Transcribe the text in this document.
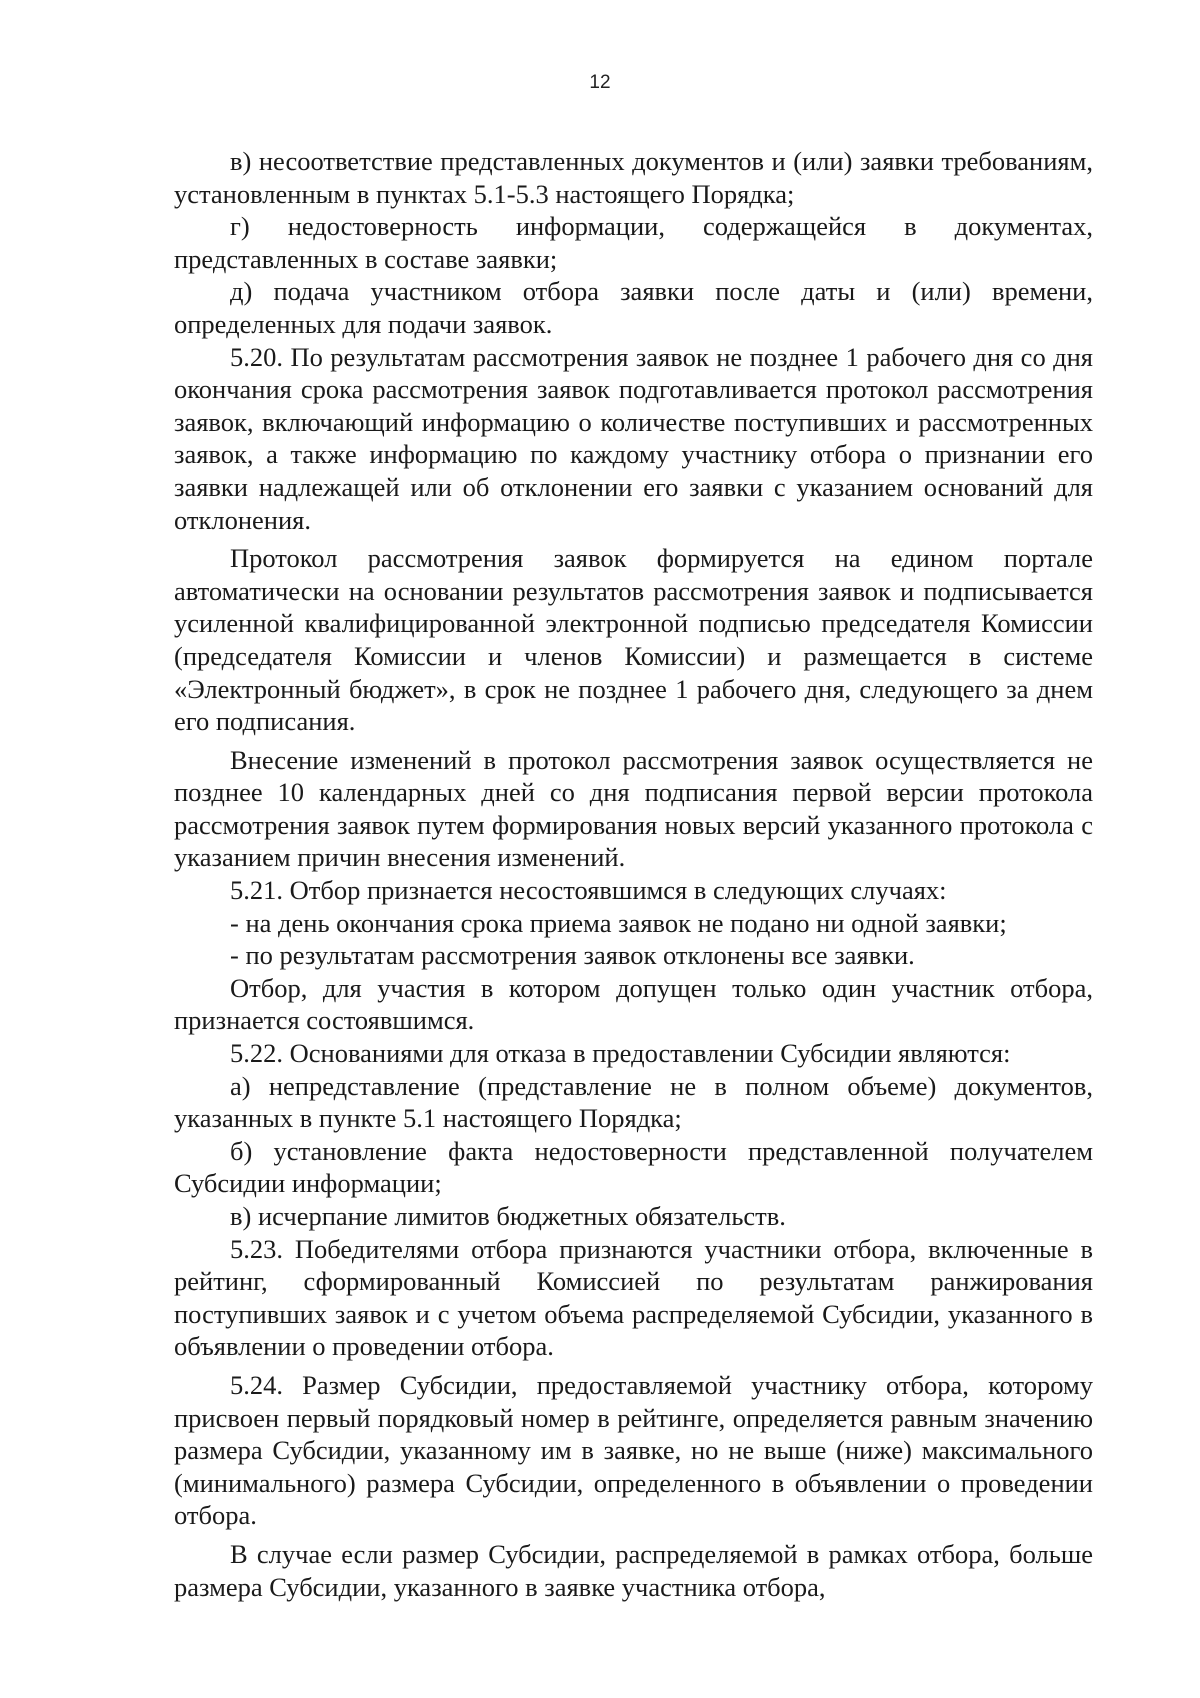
12

в) несоответствие представленных документов и (или) заявки требованиям, установленным в пунктах 5.1-5.3 настоящего Порядка;

г) недостоверность информации, содержащейся в документах, представленных в составе заявки;

д) подача участником отбора заявки после даты и (или) времени, определенных для подачи заявок.

5.20. По результатам рассмотрения заявок не позднее 1 рабочего дня со дня окончания срока рассмотрения заявок подготавливается протокол рассмотрения заявок, включающий информацию о количестве поступивших и рассмотренных заявок, а также информацию по каждому участнику отбора о признании его заявки надлежащей или об отклонении его заявки с указанием оснований для отклонения.

Протокол рассмотрения заявок формируется на едином портале автоматически на основании результатов рассмотрения заявок и подписывается усиленной квалифицированной электронной подписью председателя Комиссии (председателя Комиссии и членов Комиссии) и размещается в системе «Электронный бюджет», в срок не позднее 1 рабочего дня, следующего за днем его подписания.

Внесение изменений в протокол рассмотрения заявок осуществляется не позднее 10 календарных дней со дня подписания первой версии протокола рассмотрения заявок путем формирования новых версий указанного протокола с указанием причин внесения изменений.

5.21. Отбор признается несостоявшимся в следующих случаях:

- на день окончания срока приема заявок не подано ни одной заявки;

- по результатам рассмотрения заявок отклонены все заявки.

Отбор, для участия в котором допущен только один участник отбора, признается состоявшимся.

5.22. Основаниями для отказа в предоставлении Субсидии являются:

а) непредставление (представление не в полном объеме) документов, указанных в пункте 5.1 настоящего Порядка;

б) установление факта недостоверности представленной получателем Субсидии информации;

в) исчерпание лимитов бюджетных обязательств.

5.23. Победителями отбора признаются участники отбора, включенные в рейтинг, сформированный Комиссией по результатам ранжирования поступивших заявок и с учетом объема распределяемой Субсидии, указанного в объявлении о проведении отбора.

5.24. Размер Субсидии, предоставляемой участнику отбора, которому присвоен первый порядковый номер в рейтинге, определяется равным значению размера Субсидии, указанному им в заявке, но не выше (ниже) максимального (минимального) размера Субсидии, определенного в объявлении о проведении отбора.

В случае если размер Субсидии, распределяемой в рамках отбора, больше размера Субсидии, указанного в заявке участника отбора,
